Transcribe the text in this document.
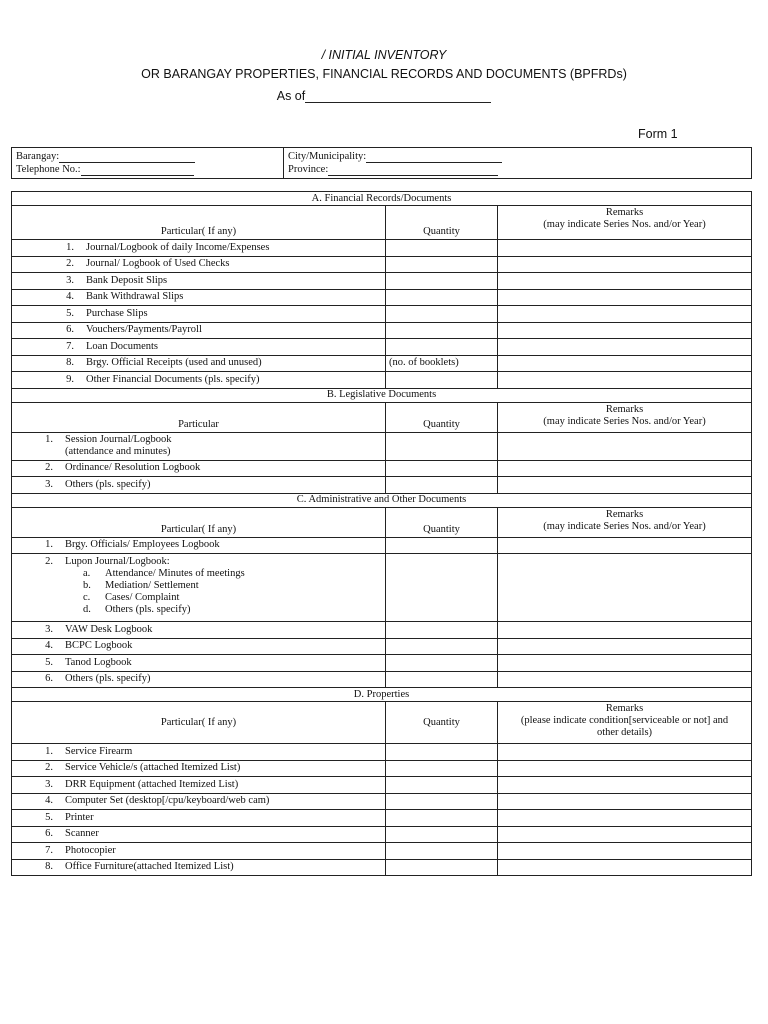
/ INITIAL INVENTORY
OR BARANGAY PROPERTIES, FINANCIAL RECORDS AND DOCUMENTS (BPFRDs)
As of
Form 1
Barangay:
Telephone No.:

City/Municipality:
Province:
A. Financial Records/Documents		
Particular( If any)	Quantity	Remarks
(may indicate Series Nos. and/or Year)

1. Journal/Logbook of daily Income/Expenses		
2. Journal/ Logbook of Used Checks		
3. Bank Deposit Slips		
4. Bank Withdrawal Slips		
5. Purchase Slips		
6. Vouchers/Payments/Payroll		
7. Loan Documents		
8. Brgy. Official Receipts (used and unused)	(no. of booklets)	
9. Other Financial Documents (pls. specify)		
B. Legislative Documents		
Particular	Quantity	Remarks
(may indicate Series Nos. and/or Year)

1. Session Journal/Logbook
(attendance and minutes)		

2. Ordinance/ Resolution Logbook		
3. Others (pls. specify)		
C. Administrative and Other Documents		
Particular( If any)	Quantity	Remarks
(may indicate Series Nos. and/or Year)

1. Brgy. Officials/ Employees Logbook		
2. Lupon Journal/Logbook:
a. Attendance/ Minutes of meetings
b. Mediation/ Settlement
c. Cases/ Complaint
d. Others (pls. specify)		

3. VAW Desk Logbook		
4. BCPC Logbook		
5. Tanod Logbook		
6. Others (pls. specify)		
D. Properties		
Particular( If any)	Quantity	Remarks
(please indicate condition[serviceable or not] and
other details)

1. Service Firearm		
2. Service Vehicle/s (attached Itemized List)		
3. DRR Equipment (attached Itemized List)		
4. Computer Set (desktop[/cpu/keyboard/web cam)		
5. Printer		
6. Scanner		
7. Photocopier		
8. Office Furniture(attached Itemized List)		
